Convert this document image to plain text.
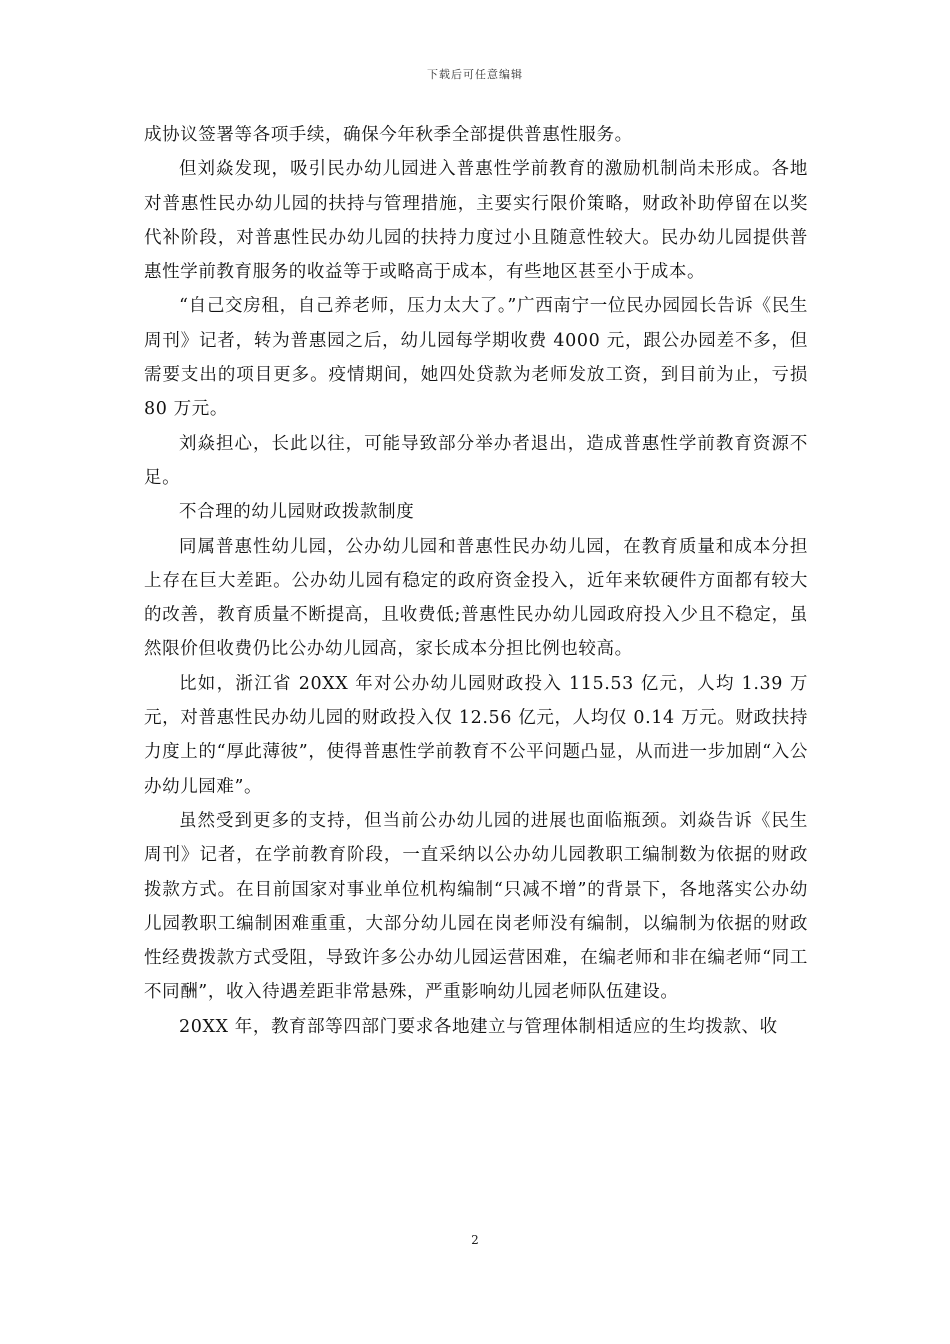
下载后可任意编辑

成协议签署等各项手续，确保今年秋季全部提供普惠性服务。

但刘焱发现，吸引民办幼儿园进入普惠性学前教育的激励机制尚未形成。各地对普惠性民办幼儿园的扶持与管理措施，主要实行限价策略，财政补助停留在以奖代补阶段，对普惠性民办幼儿园的扶持力度过小且随意性较大。民办幼儿园提供普惠性学前教育服务的收益等于或略高于成本，有些地区甚至小于成本。

“自己交房租，自己养老师，压力太大了。”广西南宁一位民办园园长告诉《民生周刊》记者，转为普惠园之后，幼儿园每学期收费 4000 元，跟公办园差不多，但需要支出的项目更多。疫情期间，她四处贷款为老师发放工资，到目前为止，亏损 80 万元。

刘焱担心，长此以往，可能导致部分举办者退出，造成普惠性学前教育资源不足。

不合理的幼儿园财政拨款制度

同属普惠性幼儿园，公办幼儿园和普惠性民办幼儿园，在教育质量和成本分担上存在巨大差距。公办幼儿园有稳定的政府资金投入，近年来软硬件方面都有较大的改善，教育质量不断提高，且收费低;普惠性民办幼儿园政府投入少且不稳定，虽然限价但收费仍比公办幼儿园高，家长成本分担比例也较高。

比如，浙江省 20XX 年对公办幼儿园财政投入 115.53 亿元，人均 1.39 万元，对普惠性民办幼儿园的财政投入仅 12.56 亿元，人均仅 0.14 万元。财政扶持力度上的“厚此薄彼”，使得普惠性学前教育不公平问题凸显，从而进一步加剧“入公办幼儿园难”。

虽然受到更多的支持，但当前公办幼儿园的进展也面临瓶颈。刘焱告诉《民生周刊》记者，在学前教育阶段，一直采纳以公办幼儿园教职工编制数为依据的财政拨款方式。在目前国家对事业单位机构编制“只减不增”的背景下，各地落实公办幼儿园教职工编制困难重重，大部分幼儿园在岗老师没有编制，以编制为依据的财政性经费拨款方式受阻，导致许多公办幼儿园运营困难，在编老师和非在编老师“同工不同酬”，收入待遇差距非常悬殊，严重影响幼儿园老师队伍建设。

20XX 年，教育部等四部门要求各地建立与管理体制相适应的生均拨款、收

2
